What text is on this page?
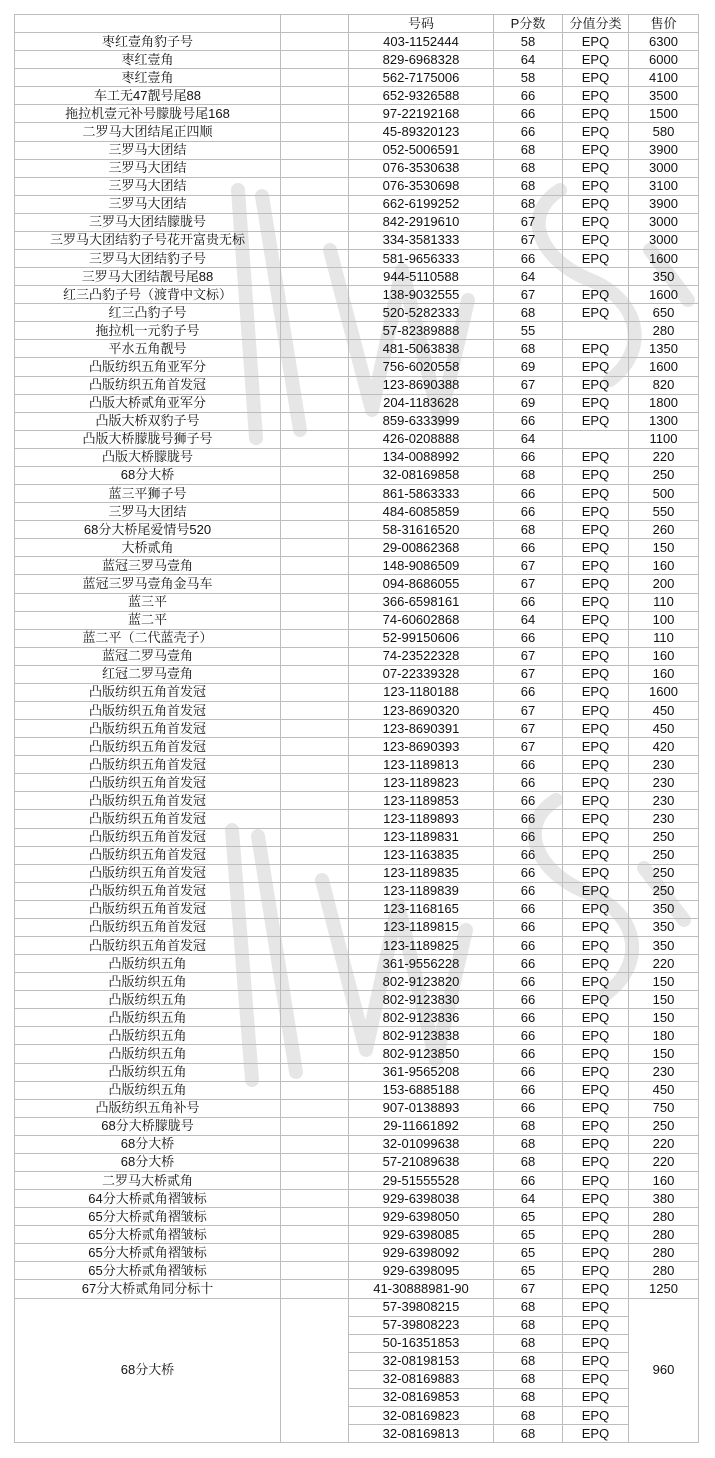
		号码	P分数	分值分类	售价
枣红壹角豹子号		403-1152444	58	EPQ	6300
枣红壹角		829-6968328	64	EPQ	6000
枣红壹角		562-7175006	58	EPQ	4100
车工无47靓号尾88		652-9326588	66	EPQ	3500
拖拉机壹元补号朦胧号尾168		97-22192168	66	EPQ	1500
二罗马大团结尾正四顺		45-89320123	66	EPQ	580
三罗马大团结		052-5006591	68	EPQ	3900
三罗马大团结		076-3530638	68	EPQ	3000
三罗马大团结		076-3530698	68	EPQ	3100
三罗马大团结		662-6199252	68	EPQ	3900
三罗马大团结朦胧号		842-2919610	67	EPQ	3000
三罗马大团结豹子号花开富贵无标		334-3581333	67	EPQ	3000
三罗马大团结豹子号		581-9656333	66	EPQ	1600
三罗马大团结靓号尾88		944-5110588	64		350
红三凸豹子号（渡背中文标）		138-9032555	67	EPQ	1600
红三凸豹子号		520-5282333	68	EPQ	650
拖拉机一元豹子号		57-82389888	55		280
平水五角靓号		481-5063838	68	EPQ	1350
凸版纺织五角亚军分		756-6020558	69	EPQ	1600
凸版纺织五角首发冠		123-8690388	67	EPQ	820
凸版大桥贰角亚军分		204-1183628	69	EPQ	1800
凸版大桥双豹子号		859-6333999	66	EPQ	1300
凸版大桥朦胧号狮子号		426-0208888	64		1100
凸版大桥朦胧号		134-0088992	66	EPQ	220
68分大桥		32-08169858	68	EPQ	250
蓝三平狮子号		861-5863333	66	EPQ	500
三罗马大团结		484-6085859	66	EPQ	550
68分大桥尾爱情号520		58-31616520	68	EPQ	260
大桥贰角		29-00862368	66	EPQ	150
蓝冠三罗马壹角		148-9086509	67	EPQ	160
蓝冠三罗马壹角金马车		094-8686055	67	EPQ	200
蓝三平		366-6598161	66	EPQ	110
蓝二平		74-60602868	64	EPQ	100
蓝二平（二代蓝壳子）		52-99150606	66	EPQ	110
蓝冠二罗马壹角		74-23522328	67	EPQ	160
红冠二罗马壹角		07-22339328	67	EPQ	160
凸版纺织五角首发冠		123-1180188	66	EPQ	1600
凸版纺织五角首发冠		123-8690320	67	EPQ	450
凸版纺织五角首发冠		123-8690391	67	EPQ	450
凸版纺织五角首发冠		123-8690393	67	EPQ	420
凸版纺织五角首发冠		123-1189813	66	EPQ	230
凸版纺织五角首发冠		123-1189823	66	EPQ	230
凸版纺织五角首发冠		123-1189853	66	EPQ	230
凸版纺织五角首发冠		123-1189893	66	EPQ	230
凸版纺织五角首发冠		123-1189831	66	EPQ	250
凸版纺织五角首发冠		123-1163835	66	EPQ	250
凸版纺织五角首发冠		123-1189835	66	EPQ	250
凸版纺织五角首发冠		123-1189839	66	EPQ	250
凸版纺织五角首发冠		123-1168165	66	EPQ	350
凸版纺织五角首发冠		123-1189815	66	EPQ	350
凸版纺织五角首发冠		123-1189825	66	EPQ	350
凸版纺织五角		361-9556228	66	EPQ	220
凸版纺织五角		802-9123820	66	EPQ	150
凸版纺织五角		802-9123830	66	EPQ	150
凸版纺织五角		802-9123836	66	EPQ	150
凸版纺织五角		802-9123838	66	EPQ	180
凸版纺织五角		802-9123850	66	EPQ	150
凸版纺织五角		361-9565208	66	EPQ	230
凸版纺织五角		153-6885188	66	EPQ	450
凸版纺织五角补号		907-0138893	66	EPQ	750
68分大桥朦胧号		29-11661892	68	EPQ	250
68分大桥		32-01099638	68	EPQ	220
68分大桥		57-21089638	68	EPQ	220
二罗马大桥贰角		29-51555528	66	EPQ	160
64分大桥贰角褶皱标		929-6398038	64	EPQ	380
65分大桥贰角褶皱标		929-6398050	65	EPQ	280
65分大桥贰角褶皱标		929-6398085	65	EPQ	280
65分大桥贰角褶皱标		929-6398092	65	EPQ	280
65分大桥贰角褶皱标		929-6398095	65	EPQ	280
67分大桥贰角同分标十		41-30888981-90	67	EPQ	1250
68分大桥		57-39808215	68	EPQ	960
		57-39808223	68	EPQ	
		50-16351853	68	EPQ	
		32-08198153	68	EPQ	
		32-08169883	68	EPQ	
		32-08169853	68	EPQ	
		32-08169823	68	EPQ	
		32-08169813	68	EPQ	
